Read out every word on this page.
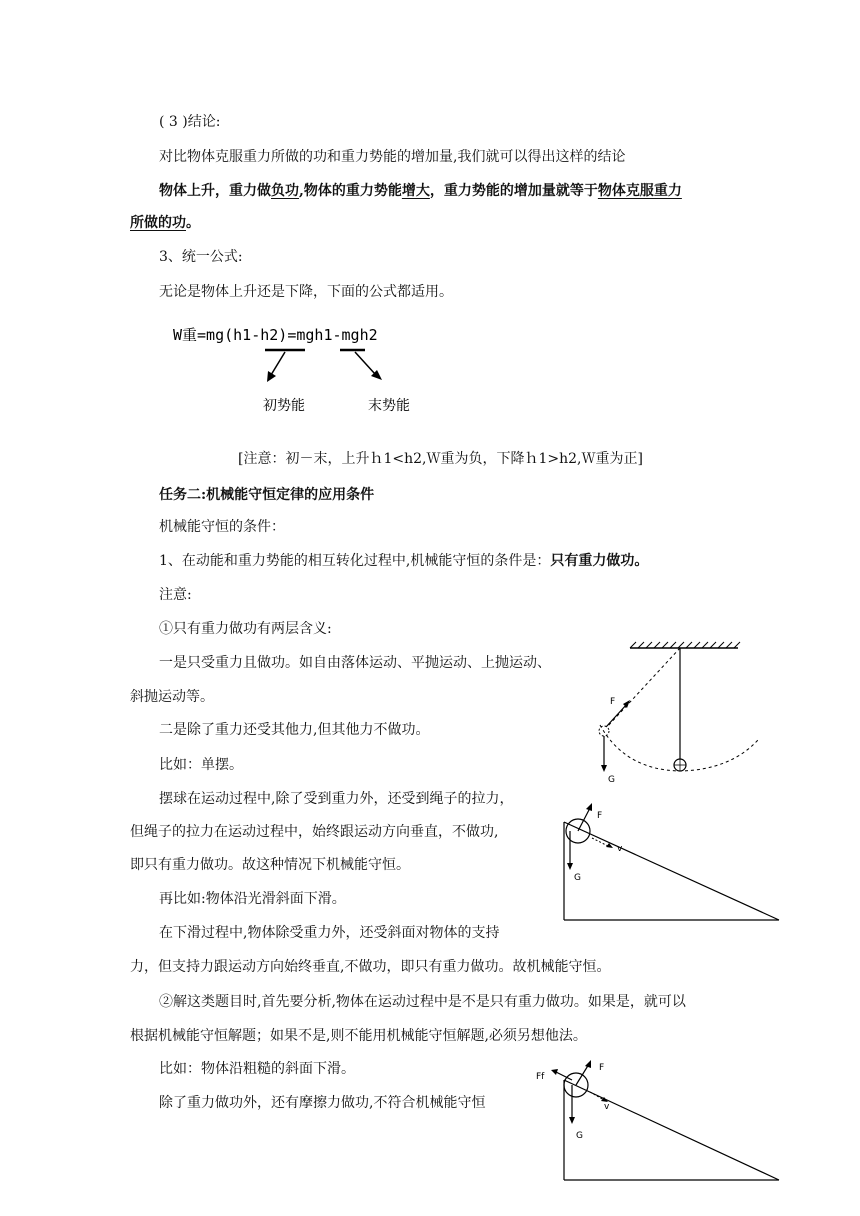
( 3 )结论:
对比物体克服重力所做的功和重力势能的增加量,我们就可以得出这样的结论
物体上升，重力做负功,物体的重力势能增大，重力势能的增加量就等于物体克服重力
所做的功。
3、统一公式:
无论是物体上升还是下降，下面的公式都适用。
W重=mg(h1-h2)=mgh1-mgh2
初势能	末势能
[注意：初－末，上升ｈ1<h2,Ｗ重为负，下降ｈ1>h2,Ｗ重为正]
任务二:机械能守恒定律的应用条件
机械能守恒的条件：
1、在动能和重力势能的相互转化过程中,机械能守恒的条件是：只有重力做功。
注意:
①只有重力做功有两层含义:
一是只受重力且做功。如自由落体运动、平抛运动、上抛运动、
斜抛运动等。
二是除了重力还受其他力,但其他力不做功。
比如：单摆。
摆球在运动过程中,除了受到重力外，还受到绳子的拉力，
但绳子的拉力在运动过程中，始终跟运动方向垂直，不做功,
即只有重力做功。故这种情况下机械能守恒。
再比如:物体沿光滑斜面下滑。
在下滑过程中,物体除受重力外，还受斜面对物体的支持
力，但支持力跟运动方向始终垂直,不做功，即只有重力做功。故机械能守恒。
②解这类题目时,首先要分析,物体在运动过程中是不是只有重力做功。如果是，就可以
根据机械能守恒解题；如果不是,则不能用机械能守恒解题,必须另想他法。
比如：物体沿粗糙的斜面下滑。
除了重力做功外，还有摩擦力做功,不符合机械能守恒
F
G
F
v
G
F
Ff
v
G
